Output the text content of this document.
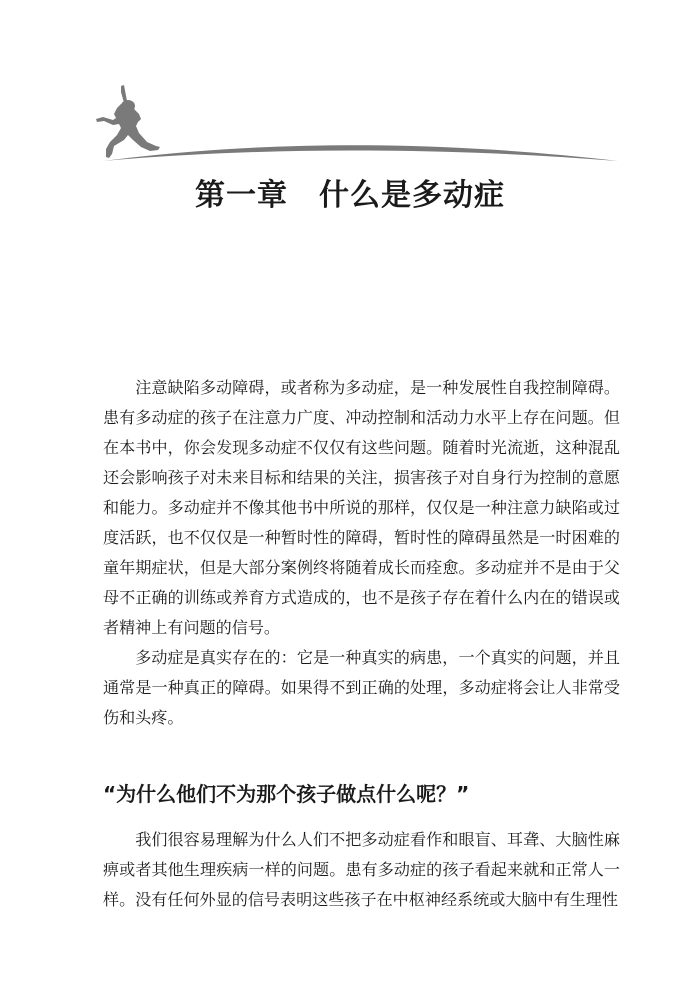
第一章　什么是多动症

注意缺陷多动障碍，或者称为多动症，是一种发展性自我控制障碍。患有多动症的孩子在注意力广度、冲动控制和活动力水平上存在问题。但在本书中，你会发现多动症不仅仅有这些问题。随着时光流逝，这种混乱还会影响孩子对未来目标和结果的关注，损害孩子对自身行为控制的意愿和能力。多动症并不像其他书中所说的那样，仅仅是一种注意力缺陷或过度活跃，也不仅仅是一种暂时性的障碍，暂时性的障碍虽然是一时困难的童年期症状，但是大部分案例终将随着成长而痊愈。多动症并不是由于父母不正确的训练或养育方式造成的，也不是孩子存在着什么内在的错误或者精神上有问题的信号。

多动症是真实存在的：它是一种真实的病患，一个真实的问题，并且通常是一种真正的障碍。如果得不到正确的处理，多动症将会让人非常受伤和头疼。

“为什么他们不为那个孩子做点什么呢？”

我们很容易理解为什么人们不把多动症看作和眼盲、耳聋、大脑性麻痹或者其他生理疾病一样的问题。患有多动症的孩子看起来就和正常人一样。没有任何外显的信号表明这些孩子在中枢神经系统或大脑中有生理性
